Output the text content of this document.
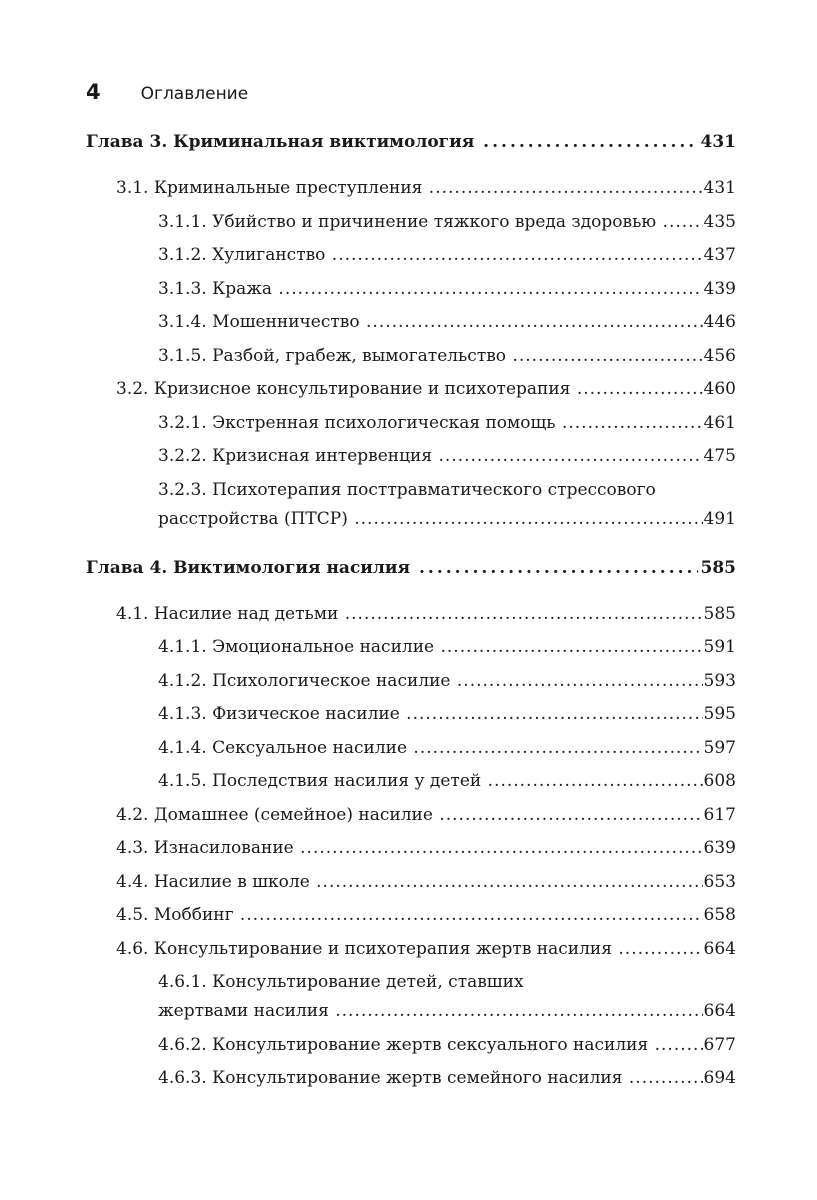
4 Оглавление
Глава 3. Криминальная виктимология .....	431
3.1. Криминальные преступления .....	431
3.1.1. Убийство и причинение тяжкого вреда здоровью .....	435
3.1.2. Хулиганство .....	437
3.1.3. Кража .....	439
3.1.4. Мошенничество .....	446
3.1.5. Разбой, грабеж, вымогательство .....	456
3.2. Кризисное консультирование и психотерапия .....	460
3.2.1. Экстренная психологическая помощь .....	461
3.2.2. Кризисная интервенция .....	475
3.2.3. Психотерапия посттравматического стрессового
расстройства (ПТСР) .....	491
Глава 4. Виктимология насилия .....	585
4.1. Насилие над детьми .....	585
4.1.1. Эмоциональное насилие .....	591
4.1.2. Психологическое насилие .....	593
4.1.3. Физическое насилие .....	595
4.1.4. Сексуальное насилие .....	597
4.1.5. Последствия насилия у детей .....	608
4.2. Домашнее (семейное) насилие .....	617
4.3. Изнасилование .....	639
4.4. Насилие в школе .....	653
4.5. Моббинг .....	658
4.6. Консультирование и психотерапия жертв насилия .....	664
4.6.1. Консультирование детей, ставших
жертвами насилия .....	664
4.6.2. Консультирование жертв сексуального насилия .....	677
4.6.3. Консультирование жертв семейного насилия .....	694
